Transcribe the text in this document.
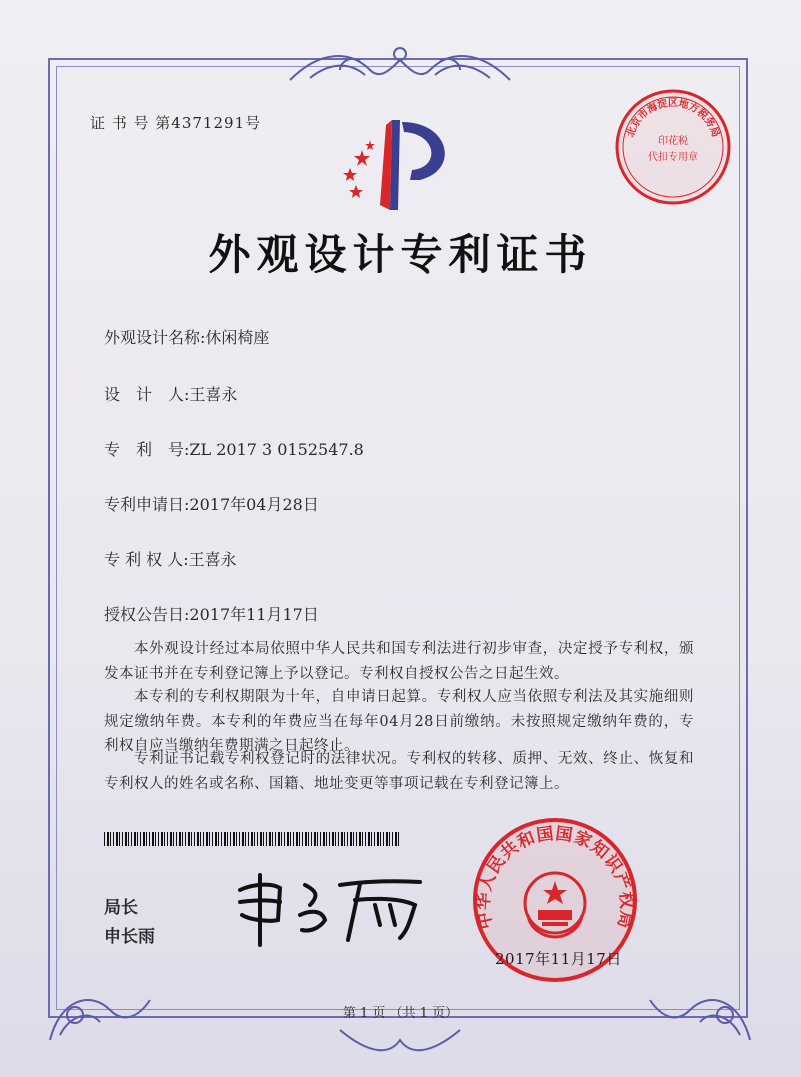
证 书 号 第4371291号
北京市海淀区地方税务局
印花税
代扣专用章
外观设计专利证书
外观设计名称:休闲椅座
设　计　人:王喜永
专　利　号:ZL 2017 3 0152547.8
专利申请日:2017年04月28日
专 利 权 人:王喜永
授权公告日:2017年11月17日
本外观设计经过本局依照中华人民共和国专利法进行初步审查，决定授予专利权，颁发本证书并在专利登记簿上予以登记。专利权自授权公告之日起生效。
本专利的专利权期限为十年，自申请日起算。专利权人应当依照专利法及其实施细则规定缴纳年费。本专利的年费应当在每年04月28日前缴纳。未按照规定缴纳年费的，专利权自应当缴纳年费期满之日起终止。
专利证书记载专利权登记时的法律状况。专利权的转移、质押、无效、终止、恢复和专利权人的姓名或名称、国籍、地址变更等事项记载在专利登记簿上。
局长
申长雨
中华人民共和国国家知识产权局
2017年11月17日
第 1 页 （共 1 页）
